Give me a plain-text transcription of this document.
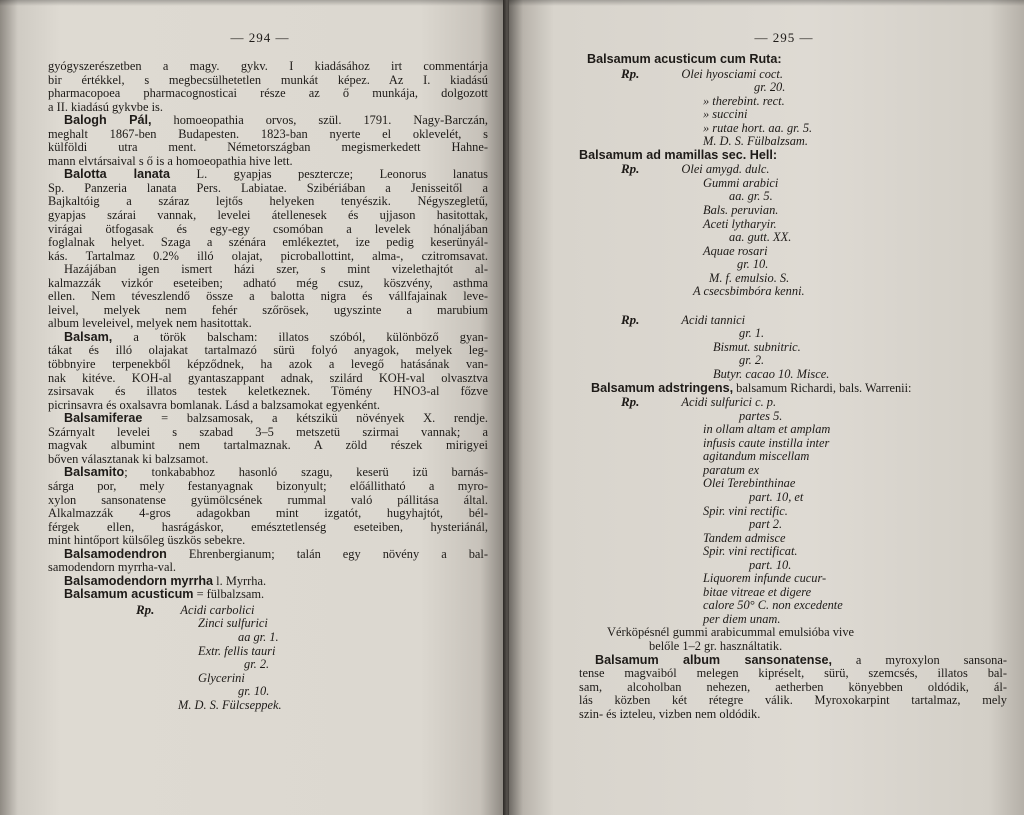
— 294 —
gyógyszerészetben a magy. gykv. I kiadásához irt commentárja
bir értékkel, s megbecsülhetetlen munkát képez. Az I. kiadású
pharmacopoea pharmacognosticai része az ő munkája, dolgozott
a II. kiadású gykvbe is.
Balogh Pál, homoeopathia orvos, szül. 1791. Nagy-Barczán,
meghalt 1867-ben Budapesten. 1823-ban nyerte el oklevelét, s
külföldi utra ment. Németországban megismerkedett Hahne-
mann elvtársaival s ő is a homoeopathia hive lett.
Balotta lanata L. gyapjas pesztercze; Leonorus lanatus
Sp. Panzeria lanata Pers. Labiatae. Szibériában a Jenisseitől a
Bajkaltóig a száraz lejtős helyeken tenyészik. Négyszegletű,
gyapjas szárai vannak, levelei átellenesek és ujjason hasitottak,
virágai ötfogasak és egy-egy csomóban a levelek hónaljában
foglalnak helyet. Szaga a szénára emlékeztet, ize pedig keserünyál-
kás. Tartalmaz 0.2% illó olajat, picroballottint, alma-, czitromsavat.
Hazájában igen ismert házi szer, s mint vizelethajtót al-
kalmazzák vizkór eseteiben; adható még csuz, köszvény, asthma
ellen. Nem téveszlendő össze a balotta nigra és vállfajainak leve-
leivel, melyek nem fehér szőrösek, ugyszinte a marubium
album leveleivel, melyek nem hasitottak.
Balsam, a török balscham: illatos szóból, különböző gyan-
tákat és illó olajakat tartalmazó sürü folyó anyagok, melyek leg-
többnyire terpenekből képződnek, ha azok a levegő hatásának van-
nak kitéve. KOH-al gyantaszappant adnak, szilárd KOH-val olvasztva
zsirsavak és illatos testek keletkeznek. Tömény HNO3-al főzve
picrinsavra és oxalsavra bomlanak. Lásd a balzsamokat egyenként.
Balsamiferae = balzsamosak, a kétszikü növények X. rendje.
Szárnyalt levelei s szabad 3–5 metszetü szirmai vannak; a
magvak albumint nem tartalmaznak. A zöld részek mirigyei
bőven választanak ki balzsamot.
Balsamito; tonkababhoz hasonló szagu, keserü izü barnás-
sárga por, mely festanyagnak bizonyult; előállitható a myro-
xylon sansonatense gyümölcsének rummal való pállitása által.
Alkalmazzák 4-gros adagokban mint izgatót, hugyhajtót, bél-
férgek ellen, hasrágáskor, emésztetlenség eseteiben, hysteriánál,
mint hintőport külsőleg üszkös sebekre.
Balsamodendron Ehrenbergianum; talán egy növény a bal-
samodendorn myrrha-val.
Balsamodendorn myrrha l. Myrrha.
Balsamum acusticum = fülbalzsam.
Rp. Acidi carbolici
Zinci sulfurici
aa gr. 1.
Extr. fellis tauri
gr. 2.
Glycerini
gr. 10.
M. D. S. Fülcseppek.
— 295 —
Balsamum acusticum cum Ruta:
Rp.	Olei hyosciami coct.
gr. 20.
» therebint. rect.
» succini
» rutae hort. aa. gr. 5.
M. D. S. Fülbalzsam.
Balsamum ad mamillas sec. Hell:
Rp.	Olei amygd. dulc.
Gummi arabici
aa. gr. 5.
Bals. peruvian.
Aceti lytharyir.
aa. gutt. XX.
Aquae rosari
gr. 10.
M. f. emulsio. S.
A csecsbimbóra kenni.
Rp.	Acidi tannici
gr. 1.
Bismut. subnitric.
gr. 2.
Butyr. cacao 10. Misce.
Balsamum adstringens, balsamum Richardi, bals. Warrenii:
Rp.	Acidi sulfurici c. p.
partes 5.
in ollam altam et amplam
infusis caute instilla inter
agitandum miscellam
paratum ex
Olei Terebinthinae
part. 10, et
Spir. vini rectific.
part 2.
Tandem admisce
Spir. vini rectificat.
part. 10.
Liquorem infunde cucur-
bitae vitreae et digere
calore 50° C. non excedente
per diem unam.
Vérköpésnél gummi arabicummal emulsióba vive
belőle 1–2 gr. használtatik.
Balsamum album sansonatense, a myroxylon sansona-
tense magvaiból melegen kipréselt, sürü, szemcsés, illatos bal-
sam, alcoholban nehezen, aetherben könyebben oldódik, ál-
lás közben két rétegre válik. Myroxokarpint tartalmaz, mely
szin- és izteleu, vizben nem oldódik.
